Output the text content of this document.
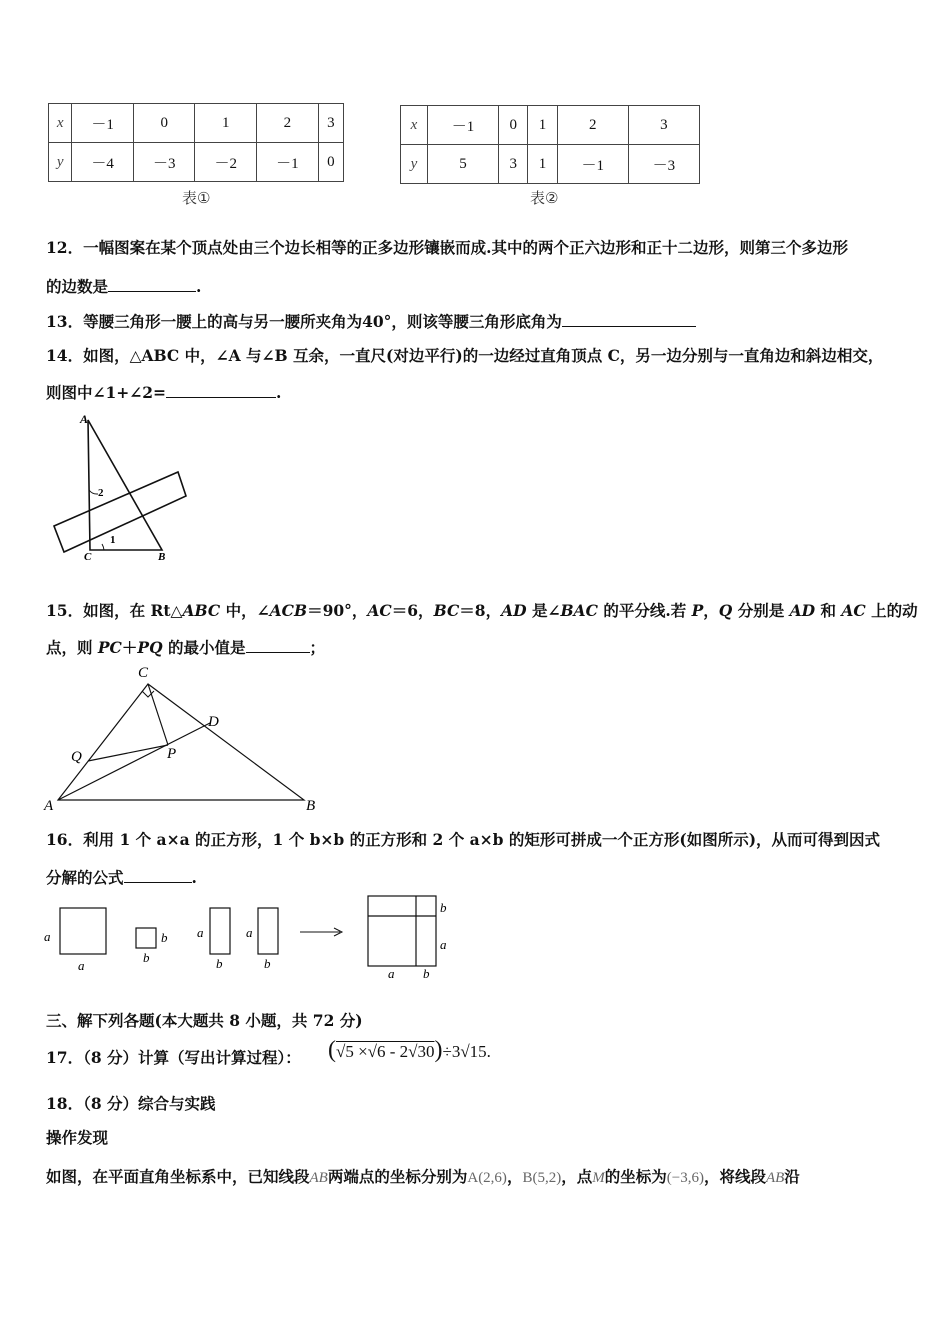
x	－1	0	1	2	3
y	－4	－3	－2	－1	0
表①
x	－1	0	1	2	3
y	5	3	1	－1	－3
表②
12．一幅图案在某个顶点处由三个边长相等的正多边形镶嵌而成.其中的两个正六边形和正十二边形，则第三个多边形
的边数是	.
13．等腰三角形一腰上的高与另一腰所夹角为40°，则该等腰三角形底角为
14．如图，△ABC 中，∠A 与∠B 互余，一直尺(对边平行)的一边经过直角顶点 C，另一边分别与一直角边和斜边相交，
则图中∠1+∠2=	.
A
2
C
1
B
15．如图，在 Rt△ABC 中，∠ACB＝90°，AC＝6，BC＝8，AD 是∠BAC 的平分线.若 P，Q 分别是 AD 和 AC 上的动
点，则 PC＋PQ 的最小值是	；
C
D
Q	P
A	B
16．利用 1 个 a×a 的正方形，1 个 b×b 的正方形和 2 个 a×b 的矩形可拼成一个正方形(如图所示)，从而可得到因式
分解的公式	.
a
a
b
b
a
b
a
b
b
a
a b
三、解下列各题(本大题共 8 小题，共 72 分)
17．（8 分）计算（写出计算过程）： (√5 ×√6 - 2√30)÷3√15.
18．（8 分）综合与实践
操作发现
如图，在平面直角坐标系中，已知线段AB两端点的坐标分别为A(2,6)，B(5,2)，点M的坐标为(−3,6)，将线段AB沿
